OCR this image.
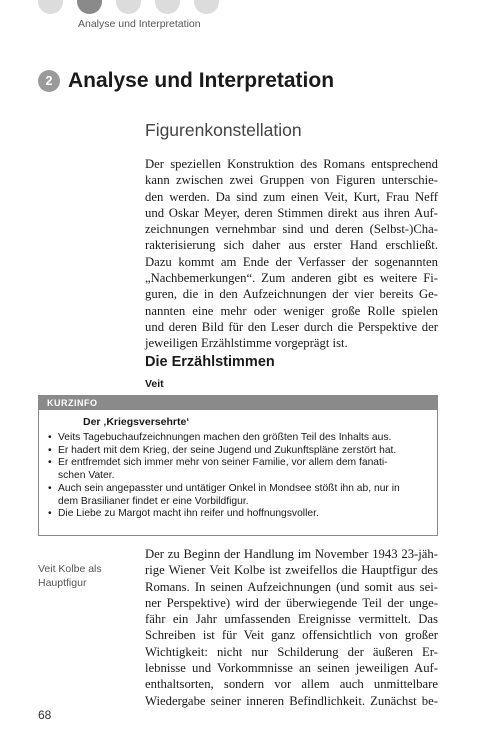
Analyse und Interpretation
2 Analyse und Interpretation
Figurenkonstellation
Der speziellen Konstruktion des Romans entsprechend
kann zwischen zwei Gruppen von Figuren unterschie-
den werden. Da sind zum einen Veit, Kurt, Frau Neff
und Oskar Meyer, deren Stimmen direkt aus ihren Auf-
zeichnungen vernehmbar sind und deren (Selbst-)Cha-
rakterisierung sich daher aus erster Hand erschließt.
Dazu kommt am Ende der Verfasser der sogenannten
„Nachbemerkungen“. Zum anderen gibt es weitere Fi-
guren, die in den Aufzeichnungen der vier bereits Ge-
nannten eine mehr oder weniger große Rolle spielen
und deren Bild für den Leser durch die Perspektive der
jeweiligen Erzählstimme vorgeprägt ist.
Die Erzählstimmen
Veit
KURZINFO
Der ‚Kriegsversehrte‘
• Veits Tagebuchaufzeichnungen machen den größten Teil des Inhalts aus.
• Er hadert mit dem Krieg, der seine Jugend und Zukunftspläne zerstört hat.
• Er entfremdet sich immer mehr von seiner Familie, vor allem dem fanati-
schen Vater.
• Auch sein angepasster und untätiger Onkel in Mondsee stößt ihn ab, nur in
dem Brasilianer findet er eine Vorbildfigur.
• Die Liebe zu Margot macht ihn reifer und hoffnungsvoller.
Veit Kolbe als
Hauptfigur
Der zu Beginn der Handlung im November 1943 23-jäh-
rige Wiener Veit Kolbe ist zweifellos die Hauptfigur des
Romans. In seinen Aufzeichnungen (und somit aus sei-
ner Perspektive) wird der überwiegende Teil der unge-
fähr ein Jahr umfassenden Ereignisse vermittelt. Das
Schreiben ist für Veit ganz offensichtlich von großer
Wichtigkeit: nicht nur Schilderung der äußeren Er-
lebnisse und Vorkommnisse an seinen jeweiligen Auf-
enthaltsorten, sondern vor allem auch unmittelbare
Wiedergabe seiner inneren Befindlichkeit. Zunächst be-
68
